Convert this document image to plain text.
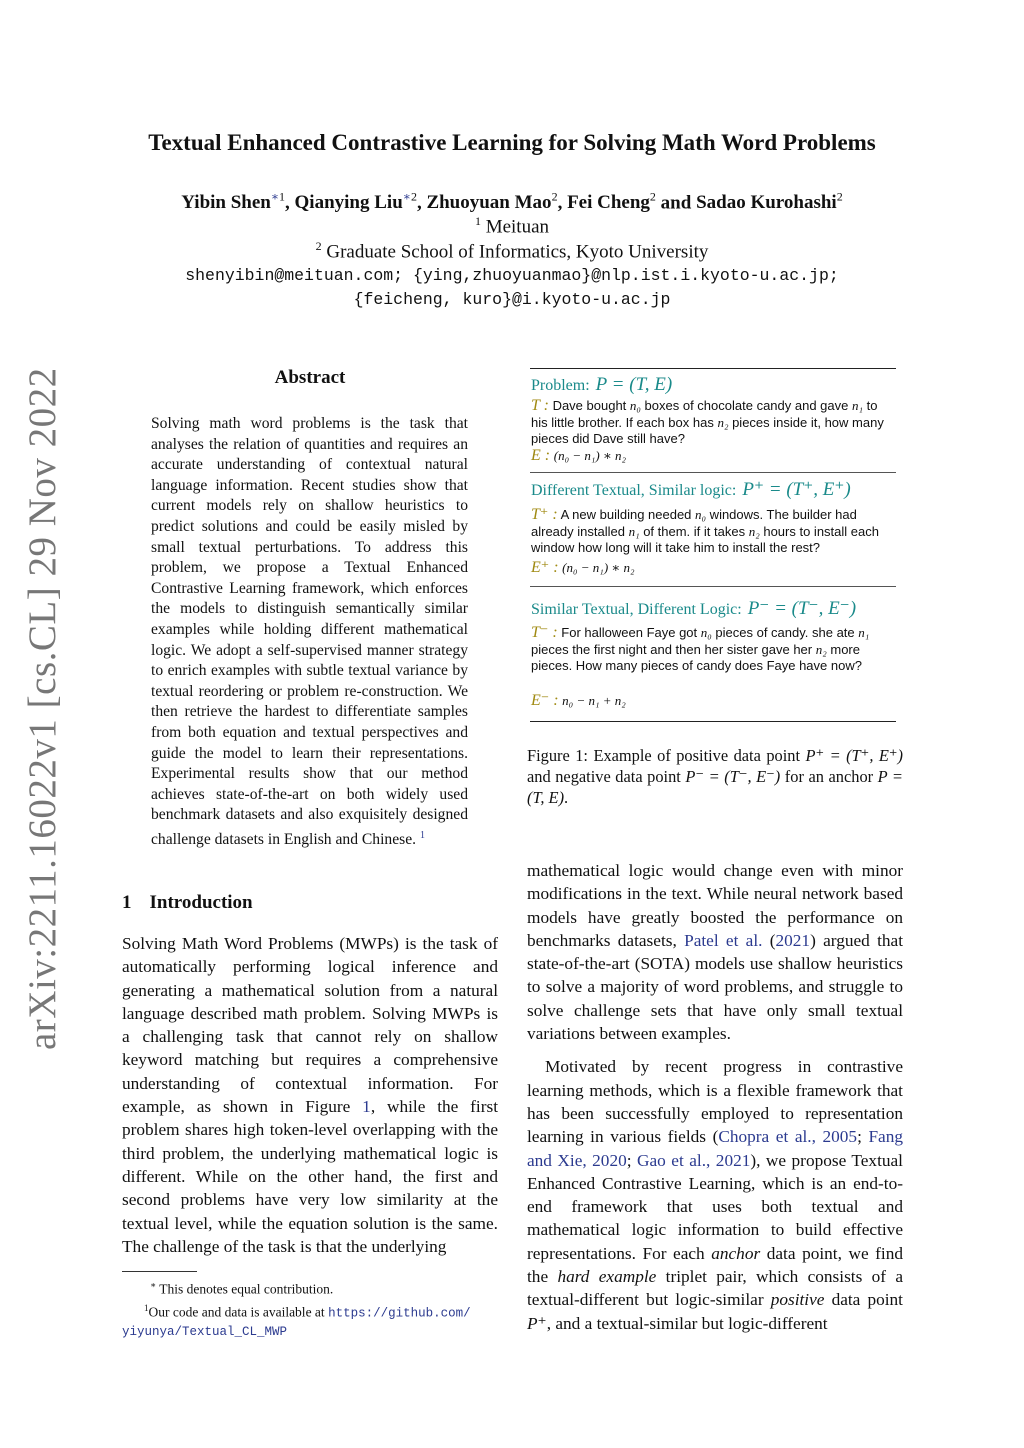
Textual Enhanced Contrastive Learning for Solving Math Word Problems
Yibin Shen$^{∗1}$, Qianying Liu$^{∗2}$, Zhuoyuan Mao$^2$, Fei Cheng$^2$ and Sadao Kurohashi$^2$
$^1$ Meituan
$^2$ Graduate School of Informatics, Kyoto University
shenyibin@meituan.com; {ying,zhuoyuanmao}@nlp.ist.i.kyoto-u.ac.jp;
{feicheng, kuro}@i.kyoto-u.ac.jp
arXiv:2211.16022v1 [cs.CL] 29 Nov 2022	Abstract
Solving math word problems is the task that analyses the relation of quantities and requires an accurate understanding of contextual natural language information. Recent studies show that current models rely on shallow heuristics to predict solutions and could be easily misled by small textual perturbations. To address this problem, we propose a Textual Enhanced Contrastive Learning framework, which enforces the models to distinguish semantically similar examples while holding different mathematical logic. We adopt a self-supervised manner strategy to enrich examples with subtle textual variance by textual reordering or problem re-construction. We then retrieve the hardest to differentiate samples from both equation and textual perspectives and guide the model to learn their representations. Experimental results show that our method achieves state-of-the-art on both widely used benchmark datasets and also exquisitely designed challenge datasets in English and Chinese. $^1$
1 Introduction
Solving Math Word Problems (MWPs) is the task of automatically performing logical inference and generating a mathematical solution from a natural language described math problem. Solving MWPs is a challenging task that cannot rely on shallow keyword matching but requires a comprehensive understanding of contextual information. For example, as shown in Figure 1, while the first problem shares high token-level overlapping with the third problem, the underlying mathematical logic is different. While on the other hand, the first and second problems have very low similarity at the textual level, while the equation solution is the same. The challenge of the task is that the underlying
∗ This denotes equal contribution.
$^1$Our code and data is available at https://github.com/ yiyunya/Textual_CL_MWP
Problem: P = (T, E)
T : Dave bought n₀ boxes of chocolate candy and gave n₁ to his little brother. If each box has n₂ pieces inside it, how many pieces did Dave still have?
E : (n₀ − n₁) ∗ n₂
Different Textual, Similar logic: P⁺ = (T⁺, E⁺)
T⁺ : A new building needed n₀ windows. The builder had already installed n₁ of them. if it takes n₂ hours to install each window how long will it take him to install the rest?
E⁺ : (n₀ − n₁) ∗ n₂
Similar Textual, Different Logic: P⁻ = (T⁻, E⁻)
T⁻ : For halloween Faye got n₀ pieces of candy. she ate n₁ pieces the first night and then her sister gave her n₂ more pieces. How many pieces of candy does Faye have now?
E⁻ : n₀ − n₁ + n₂
Figure 1: Example of positive data point P⁺ = (T⁺, E⁺) and negative data point P⁻ = (T⁻, E⁻) for an anchor P = (T, E).

mathematical logic would change even with minor modifications in the text. While neural network based models have greatly boosted the performance on benchmarks datasets, Patel et al. (2021) argued that state-of-the-art (SOTA) models use shallow heuristics to solve a majority of word problems, and struggle to solve challenge sets that have only small textual variations between examples.

Motivated by recent progress in contrastive learning methods, which is a flexible framework that has been successfully employed to representation learning in various fields (Chopra et al., 2005; Fang and Xie, 2020; Gao et al., 2021), we propose Textual Enhanced Contrastive Learning, which is an end-to-end framework that uses both textual and mathematical logic information to build effective representations. For each anchor data point, we find the hard example triplet pair, which consists of a textual-different but logic-similar positive data point P⁺, and a textual-similar but logic-different
